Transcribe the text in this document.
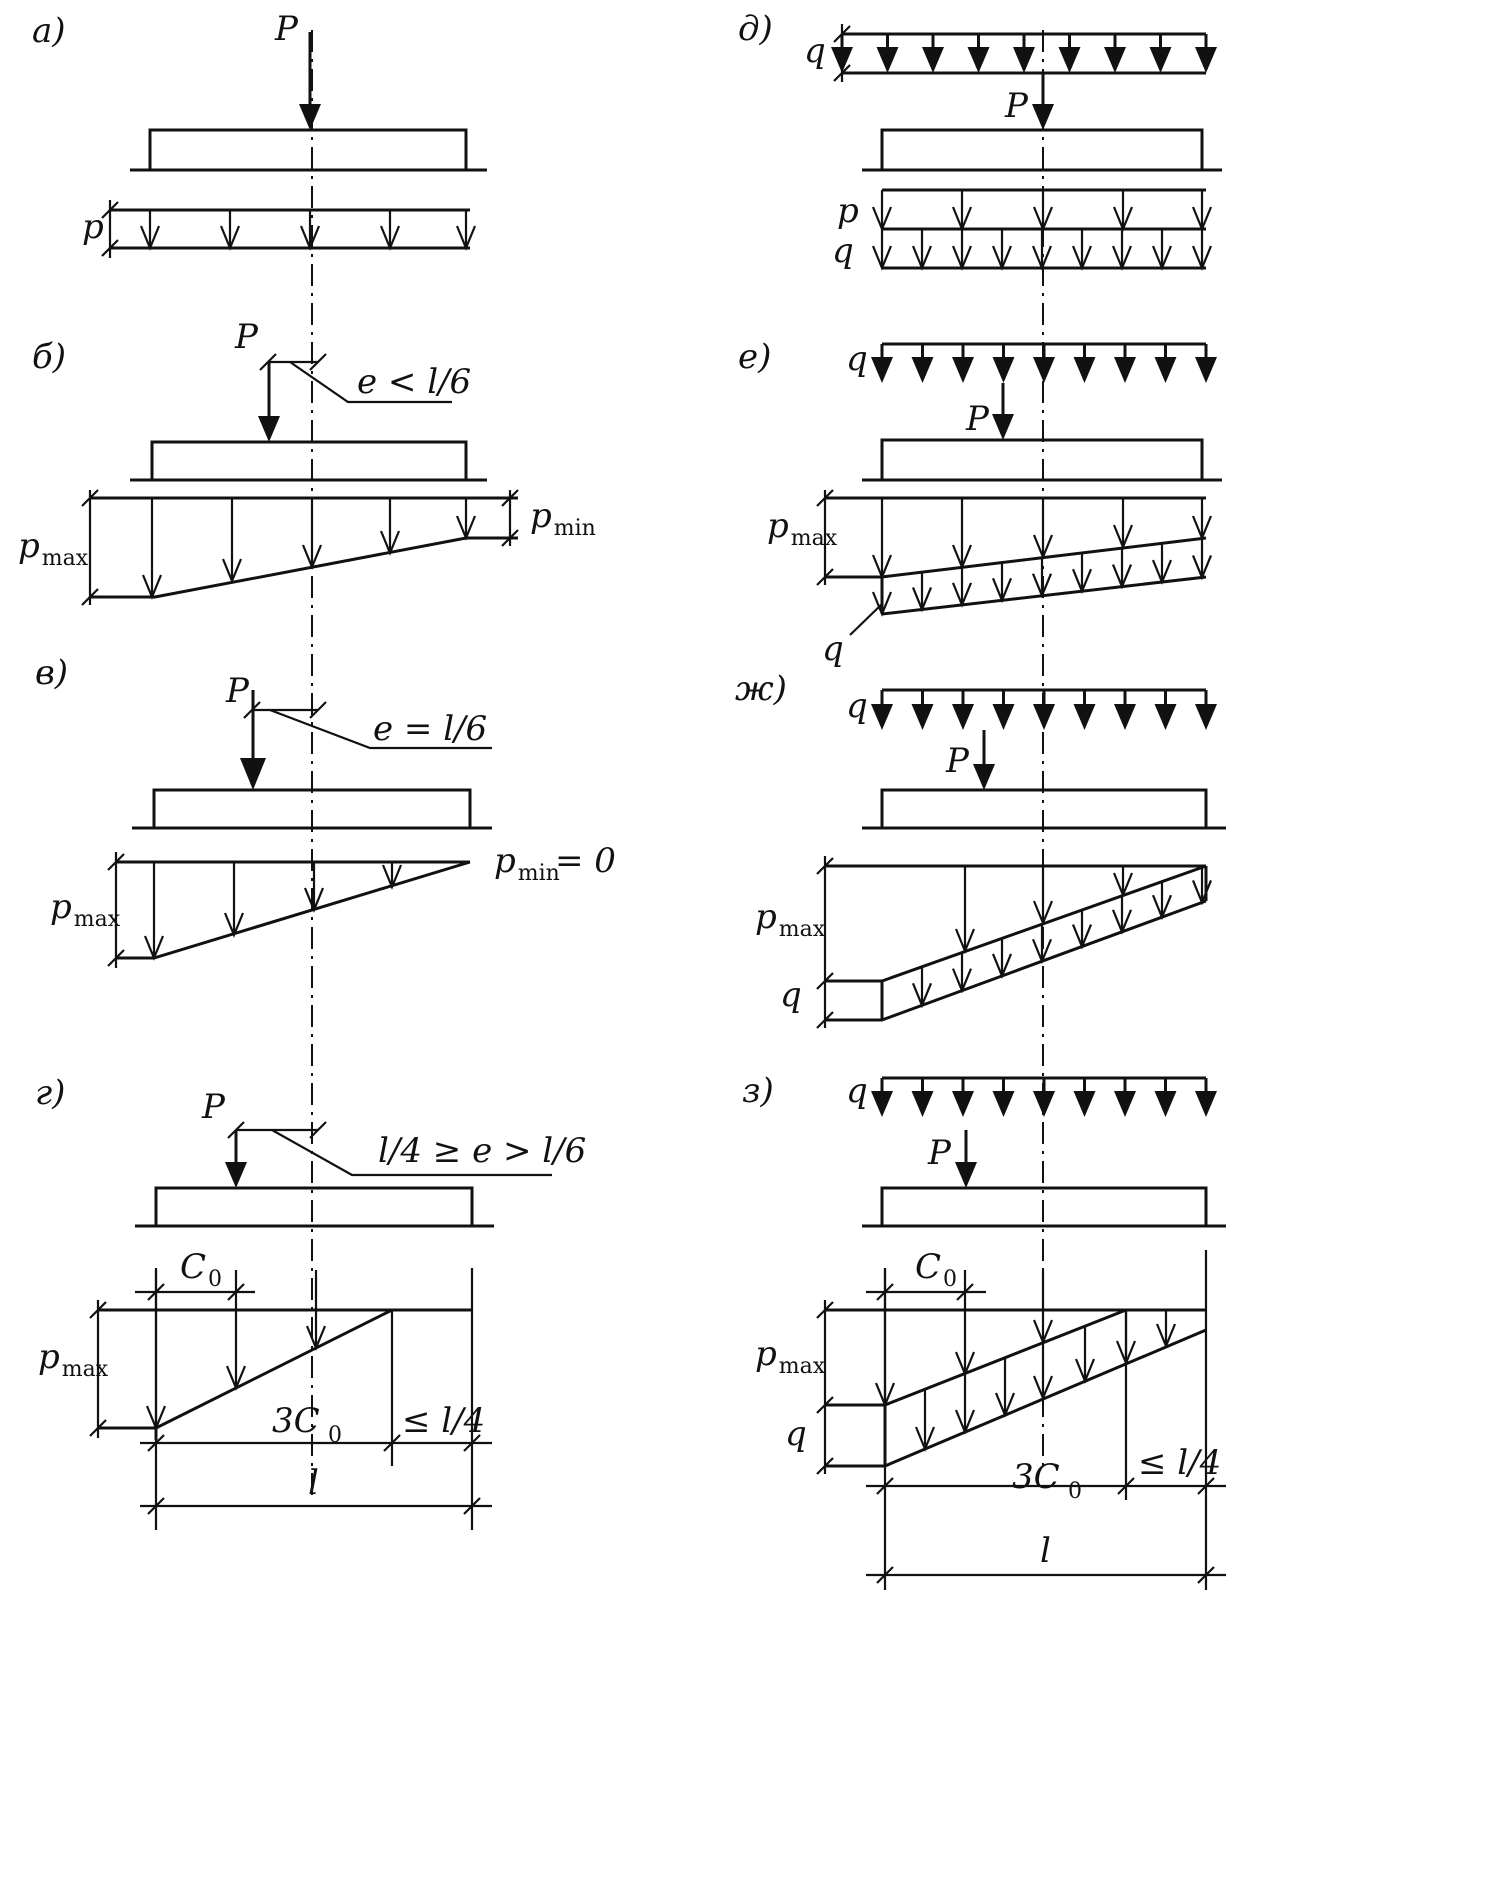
а)	P
p
б)	P
e < l/6
$p_{max}$
$p_{min}$
в)	P
e = l/6
$p_{max}$
$p_{min}$
= 0
г)	P
l/4 ≥ e > l/6
$p_{max}$
$C_0$
3C 0 ≤ l/4
l
д)
q
P
p
q
е) q
P
$p_{max}$
q
ж) q
P
$p_{max}$
q
з) q
P
$p_{max}$
q
$C_0$
3C 0
≤ l/4
l
